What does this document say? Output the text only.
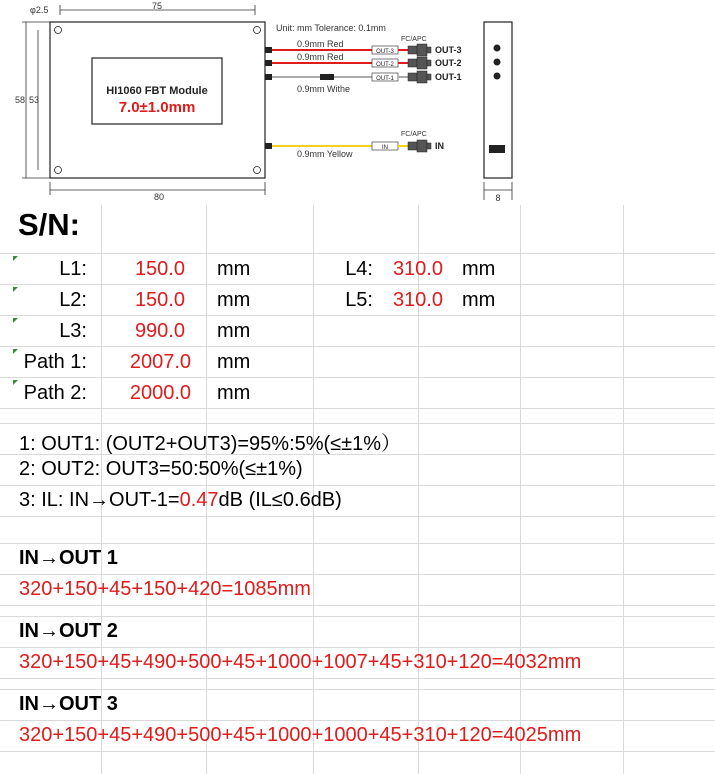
φ2.5	75
58 53
HI1060 FBT Module
7.0±1.0mm
80
Unit: mm Tolerance: 0.1mm
0.9mm Red
0.9mm Red
0.9mm Withe
0.9mm Yellow
OUT-3
OUT-2
OUT-1
IN
FC/APC
FC/APC
OUT-3
OUT-2
OUT-1
IN
8
S/N:
L1: 150.0 mm
L2: 150.0 mm
L3: 990.0 mm
Path 1: 2007.0 mm
Path 2: 2000.0 mm
L4: 310.0 mm
L5: 310.0 mm
1: OUT1: (OUT2+OUT3)=95%:5%(≤±1%）
2: OUT2: OUT3=50:50%(≤±1%)
3: IL: IN→OUT-1=0.47dB (IL≤0.6dB)
IN→OUT 1
320+150+45+150+420=1085mm
IN→OUT 2
320+150+45+490+500+45+1000+1007+45+310+120=4032mm
IN→OUT 3
320+150+45+490+500+45+1000+1000+45+310+120=4025mm
